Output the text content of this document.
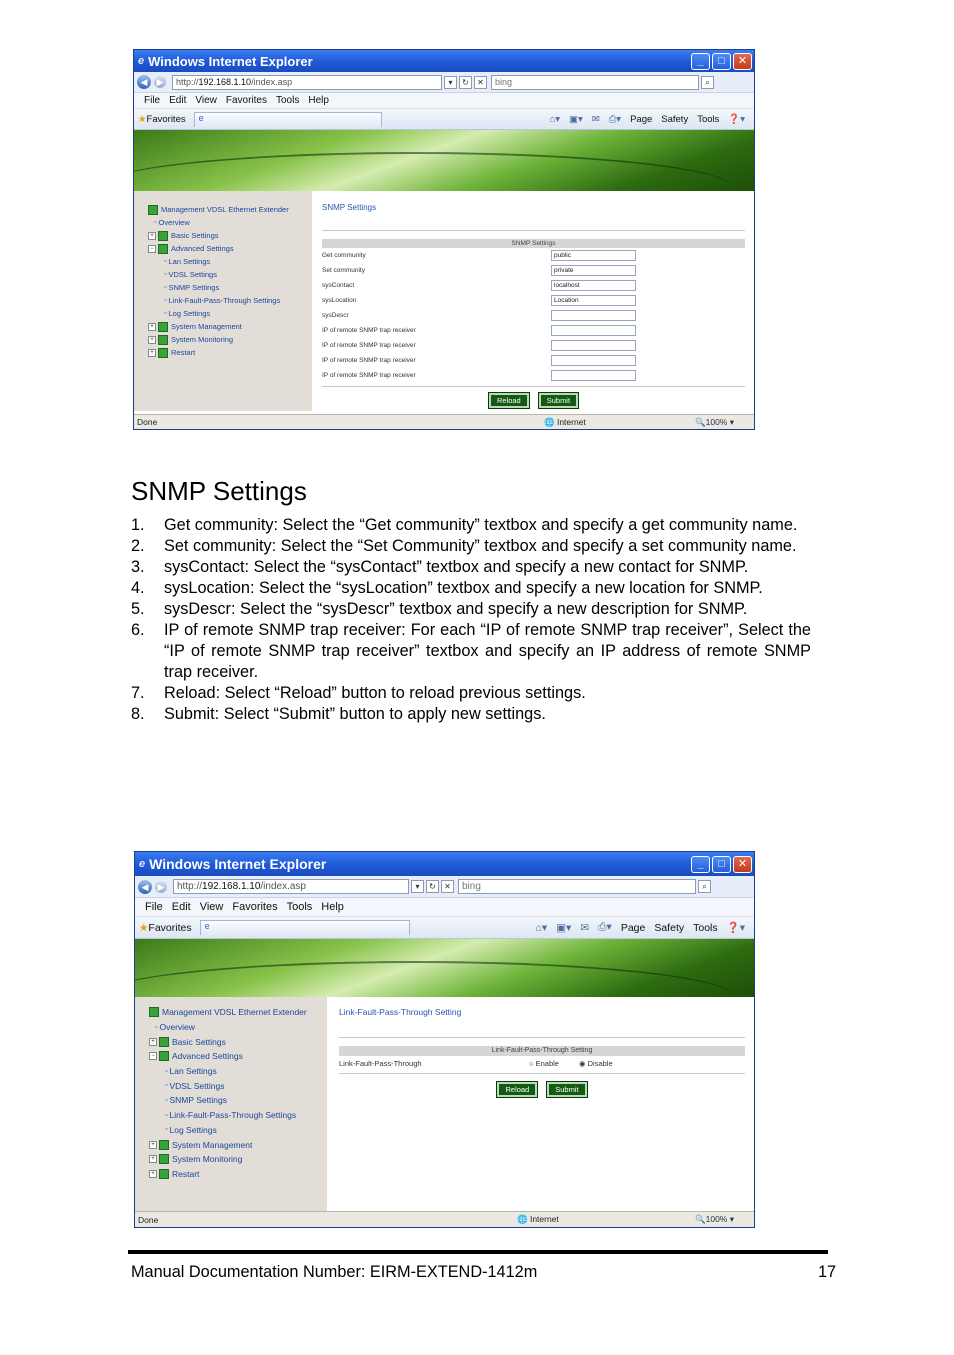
e Windows Internet Explorer	_	□	✕
◀	▶ http:// 192.168.1.10 /index.asp	▾	↻	✕	bing	⌕
File Edit View Favorites Tools Help
★Favorites	e	⌂▾ ▣▾ ✉ ⎙▾ Page Safety Tools ❓▾
Management VDSL Ethernet Extender
▫ Overview
+	Basic Settings
−	Advanced Settings
▫ Lan Settings
▫ VDSL Settings
▫ SNMP Settings
▫ Link-Fault-Pass-Through Settings
▫ Log Settings
+	System Management
+	System Monitoring
+	Restart
SNMP Settings
SNMP Settings
Get community	public
Set community	private
sysContact	localhost
sysLocation	Location
sysDescr
IP of remote SNMP trap receiver
IP of remote SNMP trap receiver
IP of remote SNMP trap receiver
IP of remote SNMP trap receiver
Reload	Submit
Done	🌐 Internet	🔍100% ▾
SNMP Settings
1. Get community: Select the “Get community” textbox and specify a get community name.
2. Set community: Select the “Set Community” textbox and specify a set community name.
3. sysContact: Select the “sysContact” textbox and specify a new contact for SNMP.
4. sysLocation: Select the “sysLocation” textbox and specify a new location for SNMP.
5. sysDescr: Select the “sysDescr” textbox and specify a new description for SNMP.
6. IP of remote SNMP trap receiver: For each “IP of remote SNMP trap receiver”, Select the “IP of remote SNMP trap receiver” textbox and specify an IP address of remote SNMP trap receiver.
7. Reload: Select “Reload” button to reload previous settings.
8. Submit: Select “Submit” button to apply new settings.
e Windows Internet Explorer	_	□	✕
◀	▶ http:// 192.168.1.10 /index.asp	▾	↻	✕	bing	⌕
File Edit View Favorites Tools Help
★Favorites	e	⌂▾ ▣▾ ✉ ⎙▾ Page Safety Tools ❓▾
Management VDSL Ethernet Extender
▫ Overview
+ Basic Settings
− Advanced Settings
▫ Lan Settings
▫ VDSL Settings
▫ SNMP Settings
▫ Link-Fault-Pass-Through Settings
▫ Log Settings
+ System Management
+ System Monitoring
+ Restart
Link-Fault-Pass-Through Setting
Link-Fault-Pass-Through Setting
Link-Fault-Pass-Through	○ Enable	◉ Disable
Reload	Submit
Done	🌐 Internet	🔍100% ▾
Manual Documentation Number: EIRM-EXTEND-1412m	17
